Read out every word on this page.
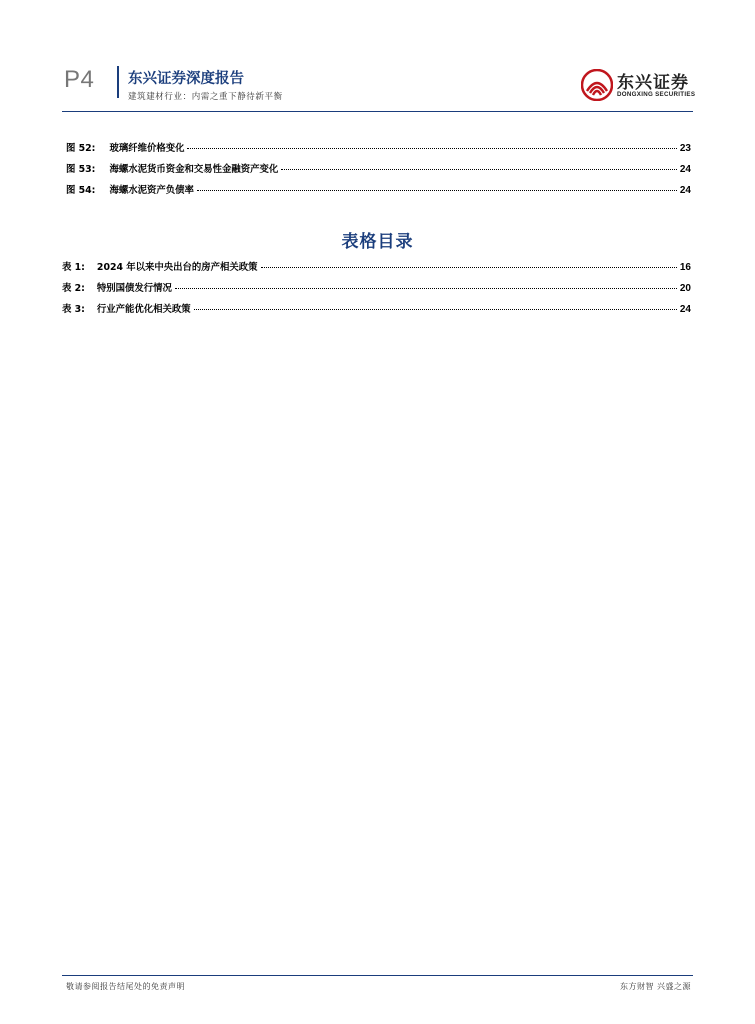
P4 东兴证券深度报告
建筑建材行业：内需之重下静待新平衡
东兴证券
DONGXING SECURITIES
图 52: 玻璃纤维价格变化	23
图 53: 海螺水泥货币资金和交易性金融资产变化	24
图 54: 海螺水泥资产负债率	24
表格目录
表 1: 2024 年以来中央出台的房产相关政策	16
表 2: 特别国债发行情况	20
表 3: 行业产能优化相关政策	24
敬请参阅报告结尾处的免责声明	东方财智 兴盛之源
